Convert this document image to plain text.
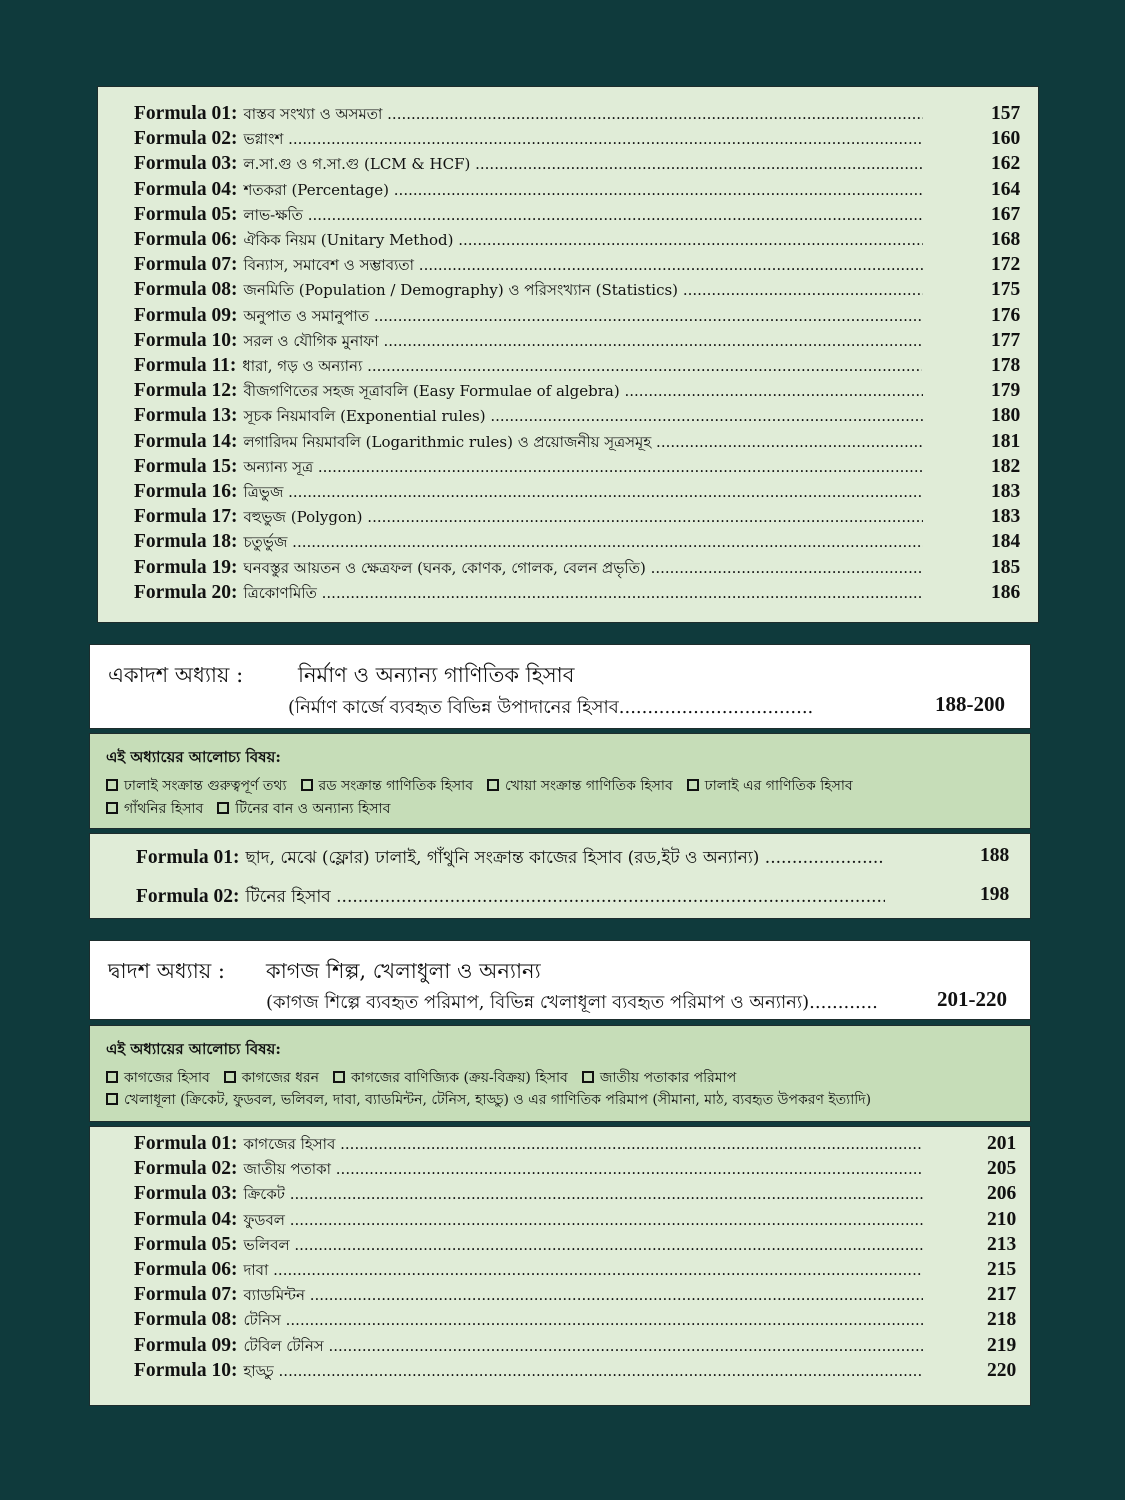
Formula 01: বাস্তব সংখ্যা ও অসমতা .....	157
Formula 02: ভগ্নাংশ .....	160
Formula 03: ল.সা.গু ও গ.সা.গু (LCM & HCF) .....	162
Formula 04: শতকরা (Percentage) .....	164
Formula 05: লাভ-ক্ষতি .....	167
Formula 06: ঐকিক নিয়ম (Unitary Method) .....	168
Formula 07: বিন্যাস, সমাবেশ ও সম্ভাব্যতা .....	172
Formula 08: জনমিতি (Population / Demography) ও পরিসংখ্যান (Statistics) .....	175
Formula 09: অনুপাত ও সমানুপাত .....	176
Formula 10: সরল ও যৌগিক মুনাফা .....	177
Formula 11: ধারা, গড় ও অন্যান্য .....	178
Formula 12: বীজগণিতের সহজ সূত্রাবলি (Easy Formulae of algebra) .....	179
Formula 13: সূচক নিয়মাবলি (Exponential rules) .....	180
Formula 14: লগারিদম নিয়মাবলি (Logarithmic rules) ও প্রয়োজনীয় সূত্রসমূহ .....	181
Formula 15: অন্যান্য সূত্র .....	182
Formula 16: ত্রিভুজ .....	183
Formula 17: বহুভুজ (Polygon) .....	183
Formula 18: চতুর্ভুজ .....	184
Formula 19: ঘনবস্তুর আয়তন ও ক্ষেত্রফল (ঘনক, কোণক, গোলক, বেলন প্রভৃতি) .....	185
Formula 20: ত্রিকোণমিতি .....	186
একাদশ অধ্যায় :	নির্মাণ ও অন্যান্য গাণিতিক হিসাব
(নির্মাণ কার্জে ব্যবহৃত বিভিন্ন উপাদানের হিসাব..................................	188-200
এই অধ্যায়ের আলোচ্য বিষয়:
ঢালাই সংক্রান্ত গুরুত্বপূর্ণ তথ্য রড সংক্রান্ত গাণিতিক হিসাব খোয়া সংক্রান্ত গাণিতিক হিসাব ঢালাই এর গাণিতিক হিসাব
গাঁথনির হিসাব টিনের বান ও অন্যান্য হিসাব
Formula 01: ছাদ, মেঝে (ফ্লোর) ঢালাই, গাঁথুনি সংক্রান্ত কাজের হিসাব (রড,ইট ও অন্যান্য) .....	188
Formula 02: টিনের হিসাব .....	198
দ্বাদশ অধ্যায় : কাগজ শিল্প, খেলাধুলা ও অন্যান্য
(কাগজ শিল্পে ব্যবহৃত পরিমাপ, বিভিন্ন খেলাধূলা ব্যবহৃত পরিমাপ ও অন্যান্য)............	201-220
এই অধ্যায়ের আলোচ্য বিষয়:
কাগজের হিসাব কাগজের ধরন কাগজের বাণিজ্যিক (ক্রয়-বিক্রয়) হিসাব জাতীয় পতাকার পরিমাপ
খেলাধূলা (ক্রিকেট, ফুডবল, ভলিবল, দাবা, ব্যাডমিন্টন, টেনিস, হাড্ডু) ও এর গাণিতিক পরিমাপ (সীমানা, মাঠ, ব্যবহৃত উপকরণ ইত্যাদি)
Formula 01: কাগজের হিসাব .....	201
Formula 02: জাতীয় পতাকা .....	205
Formula 03: ক্রিকেট .....	206
Formula 04: ফুডবল .....	210
Formula 05: ভলিবল .....	213
Formula 06: দাবা .....	215
Formula 07: ব্যাডমিন্টন .....	217
Formula 08: টেনিস .....	218
Formula 09: টেবিল টেনিস .....	219
Formula 10: হাড্ডু .....	220
